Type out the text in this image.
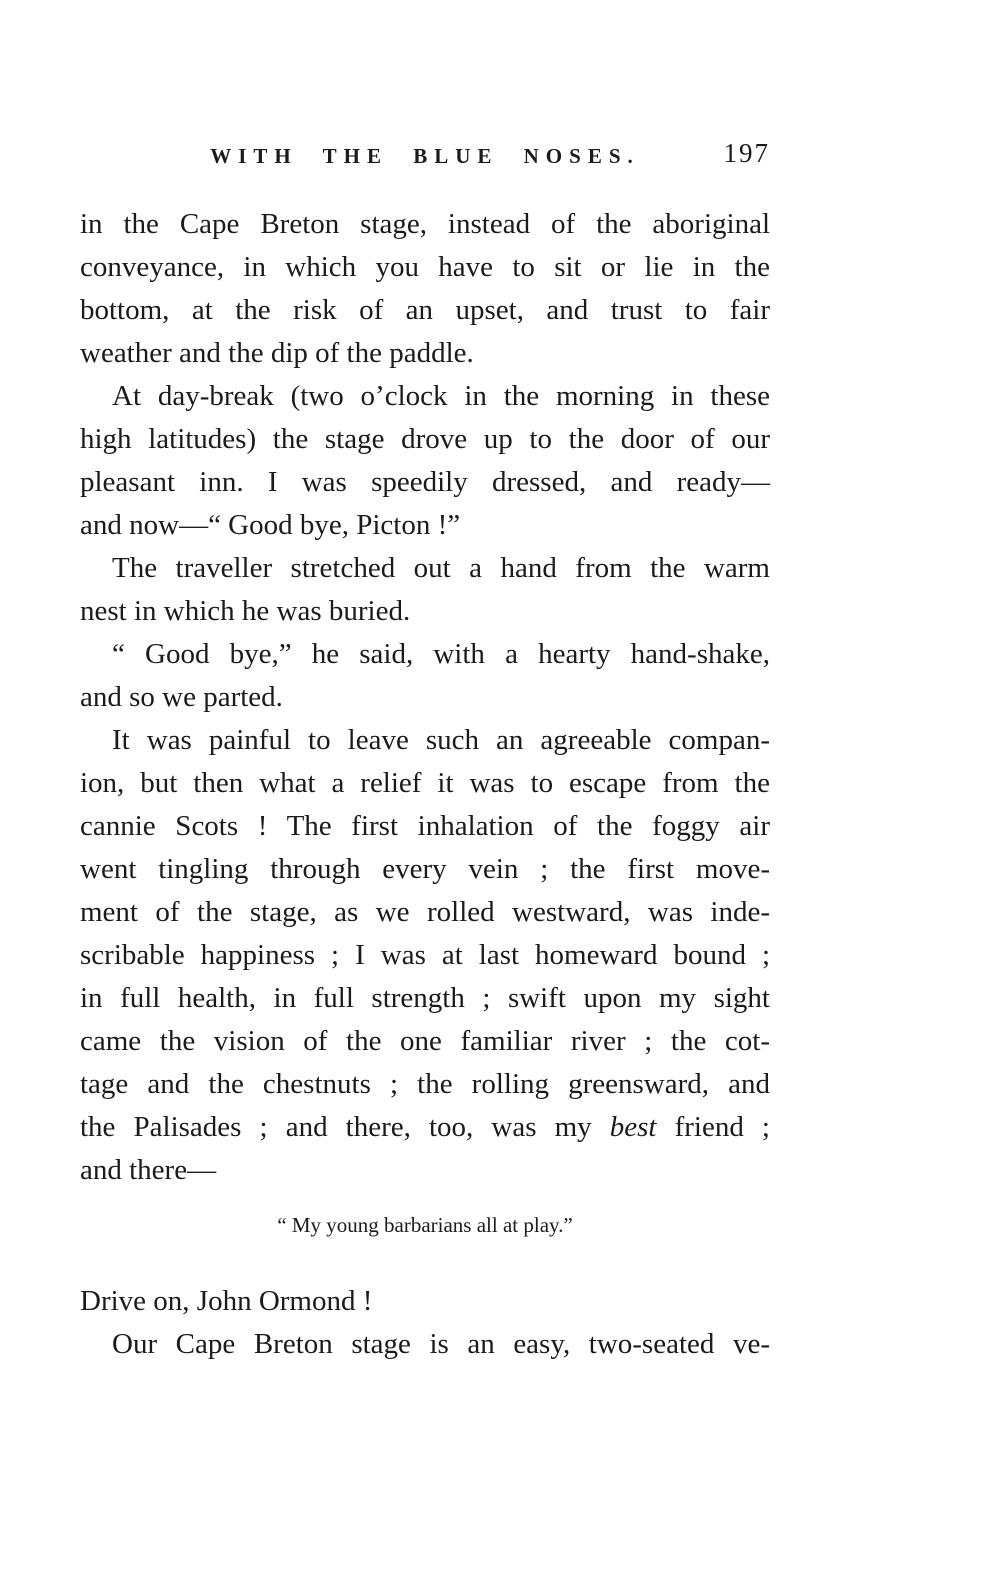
WITH THE BLUE NOSES.	197
in the Cape Breton stage, instead of the aboriginal
conveyance, in which you have to sit or lie in the
bottom, at the risk of an upset, and trust to fair
weather and the dip of the paddle.
At day-break (two o’clock in the morning in these
high latitudes) the stage drove up to the door of our
pleasant inn. I was speedily dressed, and ready—
and now—“ Good bye, Picton !”
The traveller stretched out a hand from the warm
nest in which he was buried.
“ Good bye,” he said, with a hearty hand-shake,
and so we parted.
It was painful to leave such an agreeable compan-
ion, but then what a relief it was to escape from the
cannie Scots ! The first inhalation of the foggy air
went tingling through every vein ; the first move-
ment of the stage, as we rolled westward, was inde-
scribable happiness ; I was at last homeward bound ;
in full health, in full strength ; swift upon my sight
came the vision of the one familiar river ; the cot-
tage and the chestnuts ; the rolling greensward, and
the Palisades ; and there, too, was my best friend ;
and there—
“ My young barbarians all at play.”
Drive on, John Ormond !
Our Cape Breton stage is an easy, two-seated ve-
